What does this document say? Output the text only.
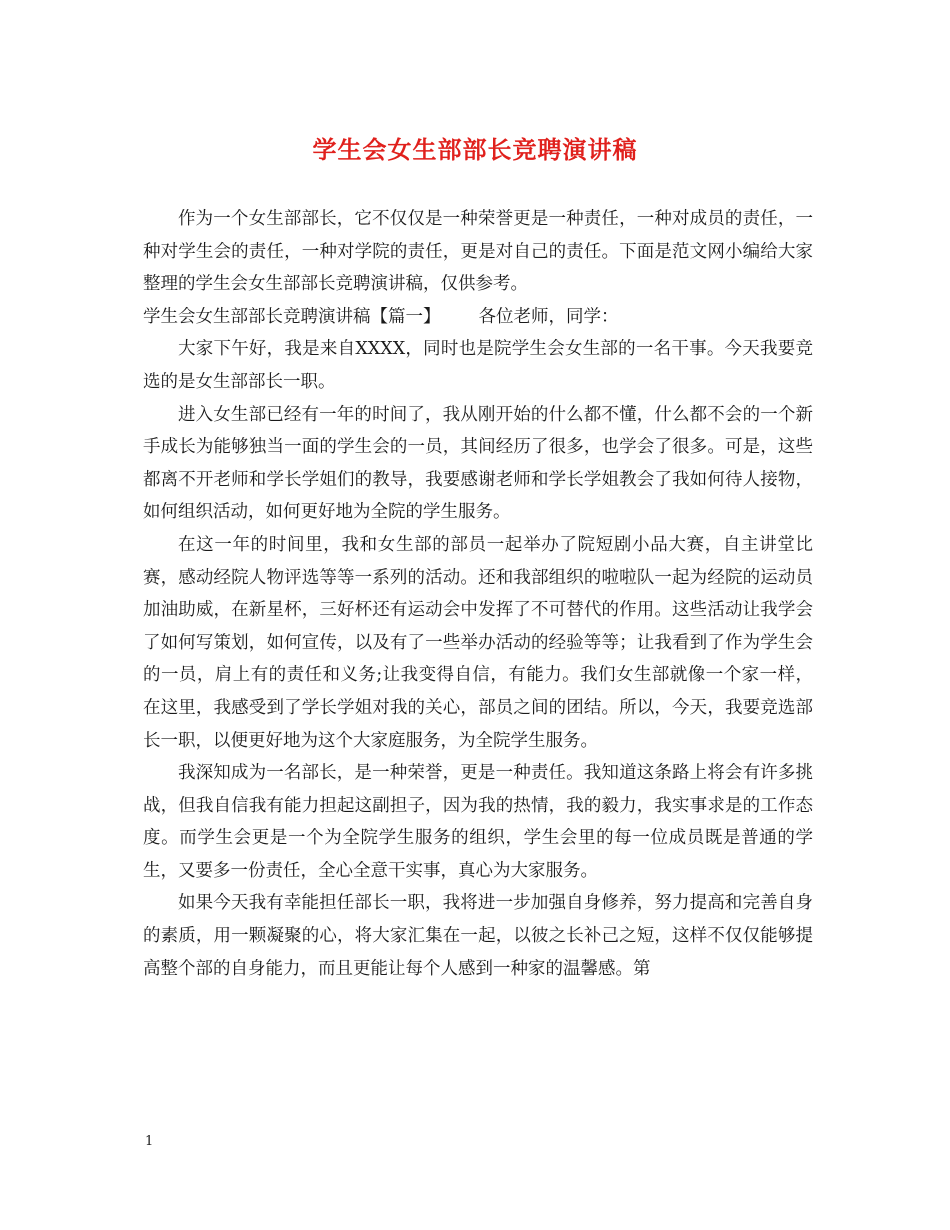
学生会女生部部长竞聘演讲稿

作为一个女生部部长，它不仅仅是一种荣誉更是一种责任，一种对成员的责任，一种对学生会的责任，一种对学院的责任，更是对自己的责任。下面是范文网小编给大家整理的学生会女生部部长竞聘演讲稿，仅供参考。

学生会女生部部长竞聘演讲稿【篇一】 各位老师，同学：

大家下午好，我是来自XXXX，同时也是院学生会女生部的一名干事。今天我要竞选的是女生部部长一职。

进入女生部已经有一年的时间了，我从刚开始的什么都不懂，什么都不会的一个新手成长为能够独当一面的学生会的一员，其间经历了很多，也学会了很多。可是，这些都离不开老师和学长学姐们的教导，我要感谢老师和学长学姐教会了我如何待人接物，如何组织活动，如何更好地为全院的学生服务。

在这一年的时间里，我和女生部的部员一起举办了院短剧小品大赛，自主讲堂比赛，感动经院人物评选等等一系列的活动。还和我部组织的啦啦队一起为经院的运动员加油助威，在新星杯，三好杯还有运动会中发挥了不可替代的作用。这些活动让我学会了如何写策划，如何宣传，以及有了一些举办活动的经验等等；让我看到了作为学生会的一员，肩上有的责任和义务;让我变得自信，有能力。我们女生部就像一个家一样，在这里，我感受到了学长学姐对我的关心，部员之间的团结。所以，今天，我要竞选部长一职，以便更好地为这个大家庭服务，为全院学生服务。

我深知成为一名部长，是一种荣誉，更是一种责任。我知道这条路上将会有许多挑战，但我自信我有能力担起这副担子，因为我的热情，我的毅力，我实事求是的工作态度。而学生会更是一个为全院学生服务的组织，学生会里的每一位成员既是普通的学生，又要多一份责任，全心全意干实事，真心为大家服务。

如果今天我有幸能担任部长一职，我将进一步加强自身修养，努力提高和完善自身的素质，用一颗凝聚的心，将大家汇集在一起，以彼之长补己之短，这样不仅仅能够提高整个部的自身能力，而且更能让每个人感到一种家的温馨感。第

1
